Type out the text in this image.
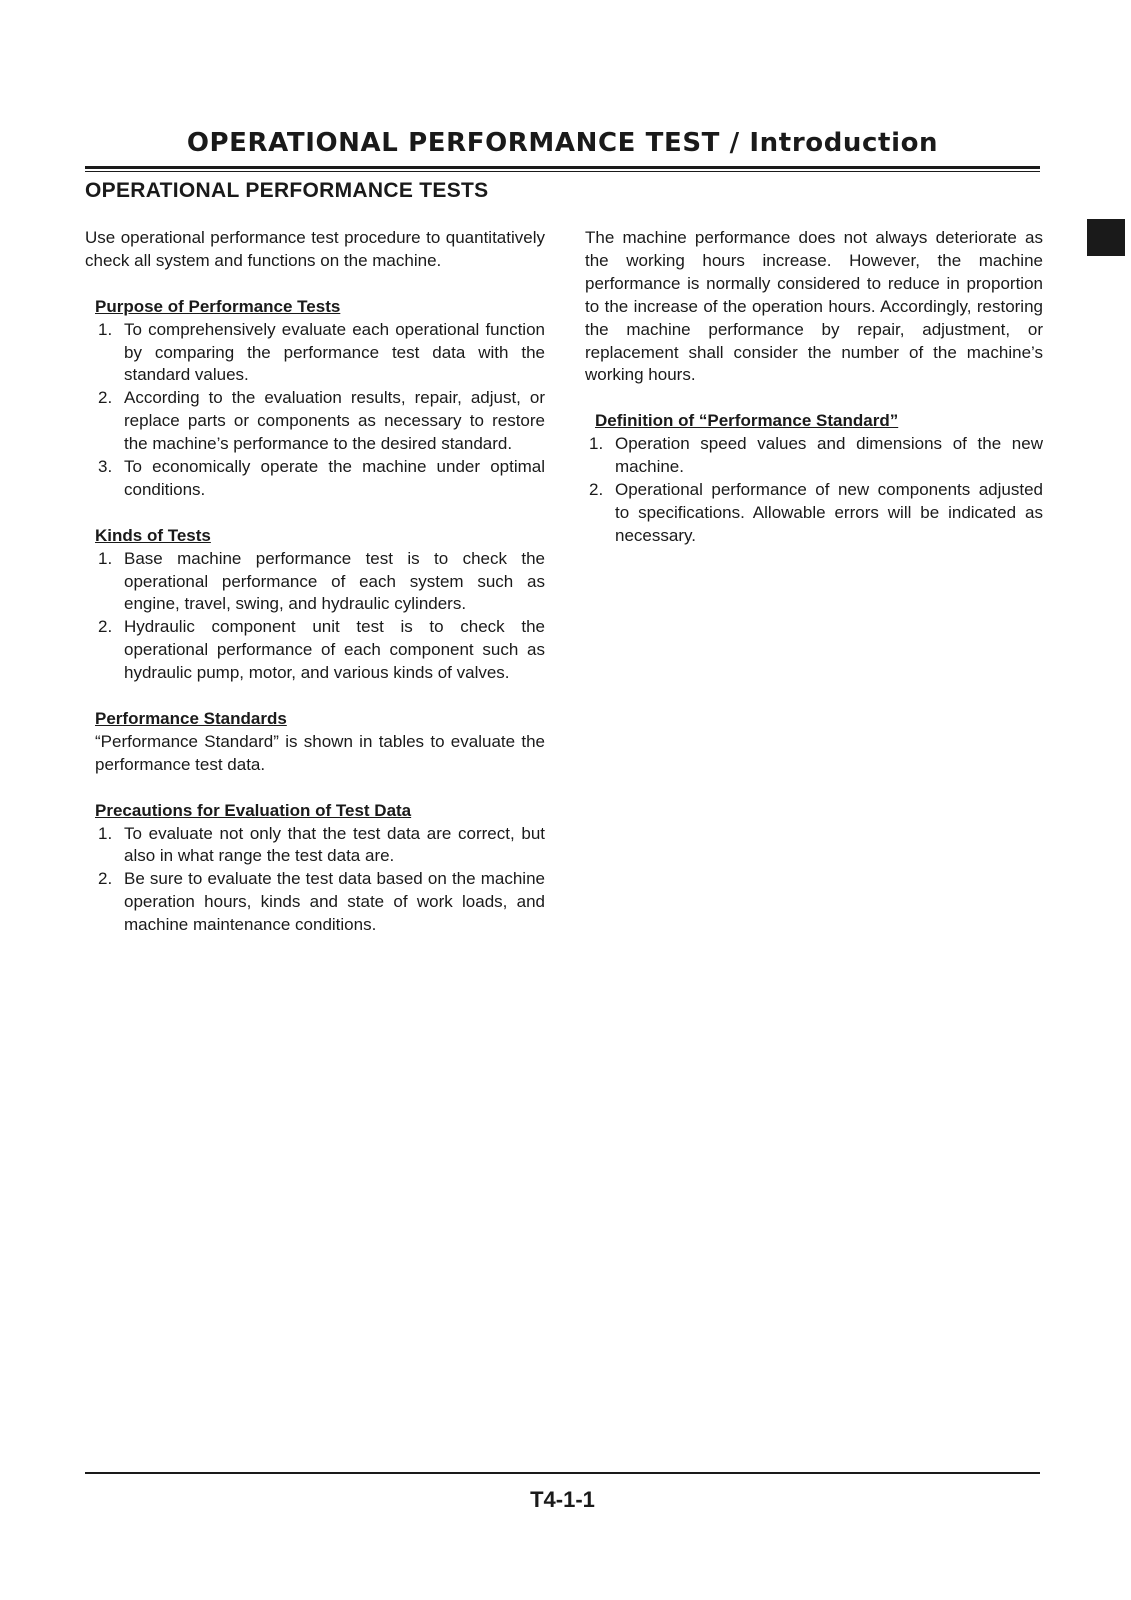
OPERATIONAL PERFORMANCE TEST / Introduction
OPERATIONAL PERFORMANCE TESTS

Use operational performance test procedure to quantitatively check all system and functions on the machine.

Purpose of Performance Tests

1. To comprehensively evaluate each operational function by comparing the performance test data with the standard values.
2. According to the evaluation results, repair, adjust, or replace parts or components as necessary to restore the machine’s performance to the desired standard.
3. To economically operate the machine under optimal conditions.

Kinds of Tests

1. Base machine performance test is to check the operational performance of each system such as engine, travel, swing, and hydraulic cylinders.
2. Hydraulic component unit test is to check the operational performance of each component such as hydraulic pump, motor, and various kinds of valves.

Performance Standards

“Performance Standard” is shown in tables to evaluate the performance test data.

Precautions for Evaluation of Test Data

1. To evaluate not only that the test data are correct, but also in what range the test data are.
2. Be sure to evaluate the test data based on the machine operation hours, kinds and state of work loads, and machine maintenance conditions.

The machine performance does not always deteriorate as the working hours increase. However, the machine performance is normally considered to reduce in proportion to the increase of the operation hours. Accordingly, restoring the machine performance by repair, adjustment, or replacement shall consider the number of the machine’s working hours.

Definition of “Performance Standard”

1. Operation speed values and dimensions of the new machine.
2. Operational performance of new components adjusted to specifications. Allowable errors will be indicated as necessary.

T4-1-1
